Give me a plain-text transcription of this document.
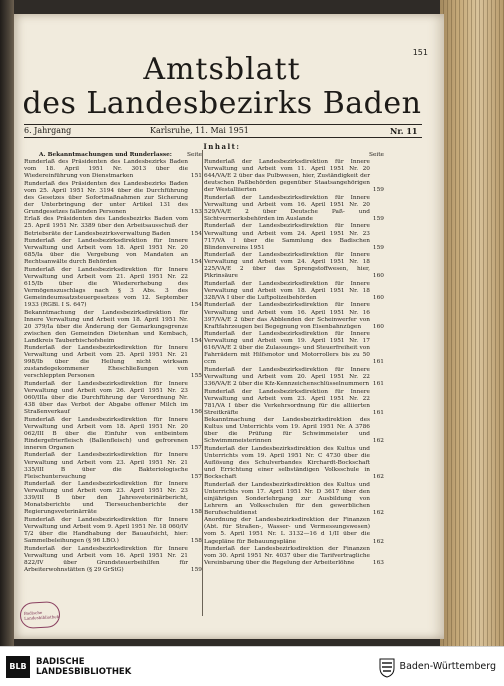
151
Amtsblatt
des Landesbezirks Baden
6. Jahrgang	Karlsruhe, 11. Mai 1951	Nr. 11
Inhalt:
A. Bekanntmachungen und Runderlasse:	Seite
Runderlaß des Präsidenten des Landesbezirks Baden vom 18. April 1951 Nr. 3013 über die Wiedereinführung von Dienstmarken	151
Runderlaß des Präsidenten des Landesbezirks Baden vom 25. April 1951 Nr. 3194 über die Durchführung des Gesetzes über Sofortmaßnahmen zur Sicherung der Unterbringung der unter Artikel 131 des Grundgesetzes fallenden Personen	153
Erlaß des Präsidenten des Landesbezirks Baden vom 25. April 1951 Nr. 3389 über den Arbeitsausschuß der Betriebsräte der Landesbezirksverwaltung Baden	154
Runderlaß der Landesbezirksdirektion für Innere Verwaltung und Arbeit vom 18. April 1951 Nr. 20 685/Ia über die Vergebung von Mandaten an Rechtsanwälte durch Behörden	154
Runderlaß der Landesbezirksdirektion für Innere Verwaltung und Arbeit vom 21. April 1951 Nr. 22 615/Ib über die Wiedererhebung des Vermögenszuschlags nach § 3 Abs. 3 des Gemeindeumsatzsteuergesetzes vom 12. September 1933 (RGBl. I S. 647)	154
Bekanntmachung der Landesbezirksdirektion für Innere Verwaltung und Arbeit vom 18. April 1951 Nr. 20 379/Ia über die Änderung der Gemarkungsgrenze zwischen den Gemeinden Dietenhan und Kembach, Landkreis Tauberbischofsheim	154
Runderlaß der Landesbezirksdirektion für Innere Verwaltung und Arbeit vom 25. April 1951 Nr. 21 998/Ib über die Heilung nicht wirksam zustandegekommener Eheschließungen von verschleppten Personen	155
Runderlaß der Landesbezirksdirektion für Innere Verwaltung und Arbeit vom 26. April 1951 Nr. 23 060/IIIa über die Durchführung der Verordnung Nr. 438 über das Verbot der Abgabe offener Milch im Straßenverkauf	156
Runderlaß der Landesbezirksdirektion für Innere Verwaltung und Arbeit vom 18. April 1951 Nr. 20 062/III B über die Einfuhr von entbeintem Rindergefrierfleisch (Ballenfleisch) und gefrorenen inneren Organen	157
Runderlaß der Landesbezirksdirektion für Innere Verwaltung und Arbeit vom 23. April 1951 Nr. 21 335/III B über die Bakteriologische Fleischuntersuchung	157
Runderlaß der Landesbezirksdirektion für Innere Verwaltung und Arbeit vom 23. April 1951 Nr. 23 339/III B über den Jahresveterinärbericht, Monatsberichte und Tierseuchenberichte der Regierungsveterinärräte	158
Runderlaß der Landesbezirksdirektion für Innere Verwaltung und Arbeit vom 9. April 1951 Nr. 18 060/IV T/2 über die Handhabung der Bauaufsicht, hier: Sammelbeleihungen (§ 96 LBO.)	158
Runderlaß der Landesbezirksdirektion für Innere Verwaltung und Arbeit vom 16. April 1951 Nr. 21 822/IV über Grundsteuerbeihilfen für Arbeiterwohnstätten (§ 29 GrStG)	159
Seite
Runderlaß der Landesbezirksdirektion für Innere Verwaltung und Arbeit vom 11. April 1951 Nr. 20 644/VA/E 2 über das Pulbwesen, hier, Zuständigkeit der deutschen Paßbehörden gegenüber Staatsangehörigen der Westalliierten	159
Runderlaß der Landesbezirksdirektion für Innere Verwaltung und Arbeit vom 16. April 1951 Nr. 20 529/VA/E 2 über Deutsche Paß- und Sichtvermerksbehörden im Auslande	159
Runderlaß der Landesbezirksdirektion für Innere Verwaltung und Arbeit vom 24. April 1951 Nr. 23 717/VA I über die Sammlung des Badischen Blindenvereins 1951	159
Runderlaß der Landesbezirksdirektion für Innere Verwaltung und Arbeit vom 24. April 1951 Nr. 18 225/VA/E 2 über das Sprengstoffwesen, hier, Pikrinsäure	160
Runderlaß der Landesbezirksdirektion für Innere Verwaltung und Arbeit vom 18. April 1951 Nr. 18 328/VA I über die Luftpolizeibehörden	160
Runderlaß der Landesbezirksdirektion für Innere Verwaltung und Arbeit vom 16. April 1951 Nr. 16 397/VA/E 2 über das Abblenden der Scheinwerfer von Kraftfahrzeugen bei Begegnung von Eisenbahnzügen 160
Runderlaß der Landesbezirksdirektion für Innere Verwaltung und Arbeit vom 19. April 1951 Nr. 17 616/VA/E 2 über die Zulassungs- und Steuerfreiheit von Fahrrädern mit Hilfsmotor und Motorrollers bis zu 50 ccm	161
Runderlaß der Landesbezirksdirektion für Innere Verwaltung und Arbeit vom 20. April 1951 Nr. 22 336/VA/E 2 über die Kfz-Kennzeichenschlüsselnummern 161
Runderlaß der Landesbezirksdirektion für Innere Verwaltung und Arbeit vom 23. April 1951 Nr. 22 781/VA I über die Verkehrsordnung für die alliierten Streitkräfte	161
Bekanntmachung der Landesbezirksdirektion des Kultus und Unterrichts vom 19. April 1951 Nr. A 3786 über die Prüfung für Schwimmeister und Schwimmmeisterinnen	162
Runderlaß der Landesbezirksdirektion des Kultus und Unterrichts vom 19. April 1951 Nr. C 4730 über die Auflösung des Schulverbandes Kirchardt-Bockschaft und Errichtung einer selbständigen Volksschule in Bockschaft	162
Runderlaß der Landesbezirksdirektion des Kultus und Unterrichts vom 17. April 1951 Nr. D 3617 über den einjährigen Sonderlehrgang zur Ausbildung von Lehrern an Volksschulen für den gewerblichen Berufsschuldienst	162
Anordnung der Landesbezirksdirektion der Finanzen (Abt. für Straßen-, Wasser- und Vermessungswesen) vom 5. April 1951 Nr. L 3132—16 d 1/II über die Lagepläne für Bebauungspläne	162
Runderlaß der Landesbezirksdirektion der Finanzen vom 30. April 1951 Nr. 4037 über die Tarifvertragliche Vereinbarung über die Regelung der Arbeiterlöhne	163
Badische Landesbibliothek
BLB	BADISCHE
LANDESBIBLIOTHEK	Baden-Württemberg
